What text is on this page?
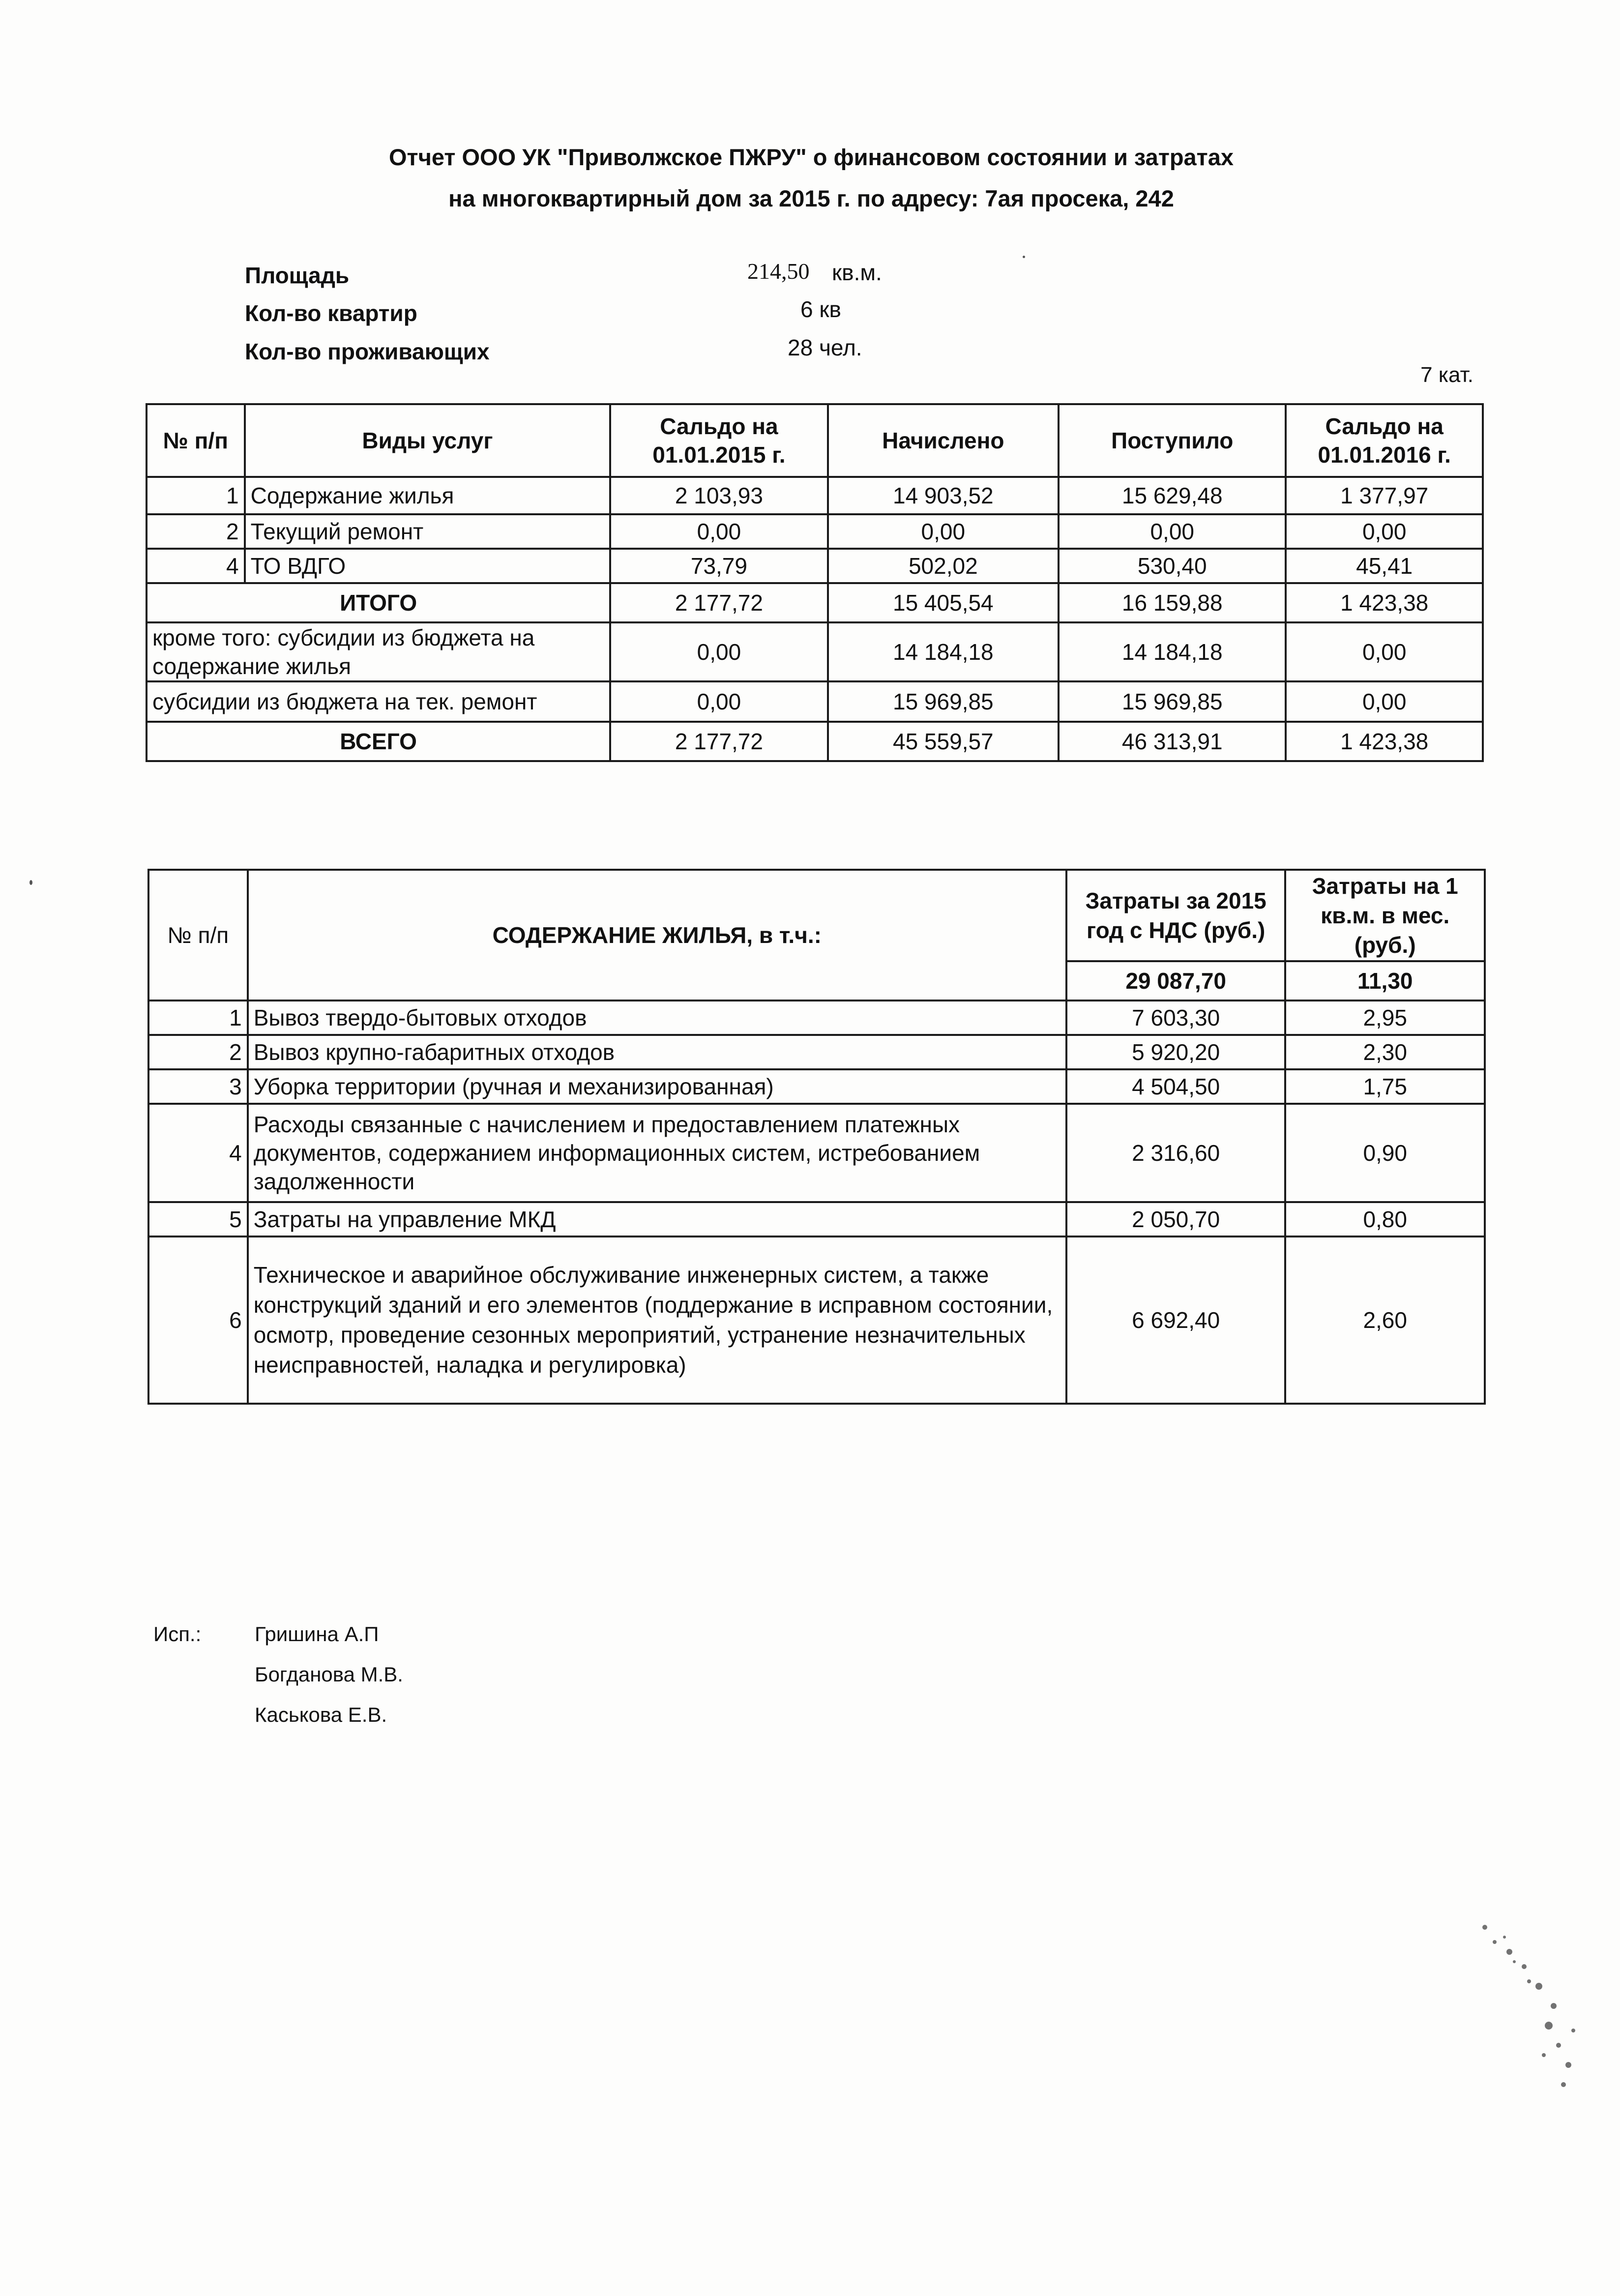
Отчет ООО УК "Приволжское ПЖРУ" о финансовом состоянии и затратах
на многоквартирный дом за 2015 г. по адресу: 7ая просека, 242
Площадь	214,50 кв.м.
Кол-во квартир	6 кв
Кол-во проживающих	28 чел.
7 кат.
№ п/п	Виды услуг	Сальдо на 01.01.2015 г.	Начислено	Поступило	Сальдо на 01.01.2016 г.
1	Содержание жилья	2 103,93	14 903,52	15 629,48	1 377,97
2	Текущий ремонт	0,00	0,00	0,00	0,00
4	ТО ВДГО	73,79	502,02	530,40	45,41
ИТОГО		2 177,72	15 405,54	16 159,88	1 423,38
кроме того: субсидии из бюджета на содержание жилья		0,00	14 184,18	14 184,18	0,00
субсидии из бюджета на тек. ремонт		0,00	15 969,85	15 969,85	0,00
ВСЕГО		2 177,72	45 559,57	46 313,91	1 423,38
№ п/п	СОДЕРЖАНИЕ ЖИЛЬЯ, в т.ч.:	Затраты за 2015 год с НДС (руб.)	Затраты на 1 кв.м. в мес. (руб.)
		29 087,70	11,30
1	Вывоз твердо-бытовых отходов	7 603,30	2,95
2	Вывоз крупно-габаритных отходов	5 920,20	2,30
3	Уборка территории (ручная и механизированная)	4 504,50	1,75
4	Расходы связанные с начислением и предоставлением платежных документов, содержанием информационных систем, истребованием задолженности	2 316,60	0,90
5	Затраты на управление МКД	2 050,70	0,80
6	Техническое и аварийное обслуживание инженерных систем, а также конструкций зданий и его элементов (поддержание в исправном состоянии, осмотр, проведение сезонных мероприятий, устранение незначительных неисправностей, наладка и регулировка)	6 692,40	2,60
Исп.:	Гришина А.П
Богданова М.В.
Каськова Е.В.
